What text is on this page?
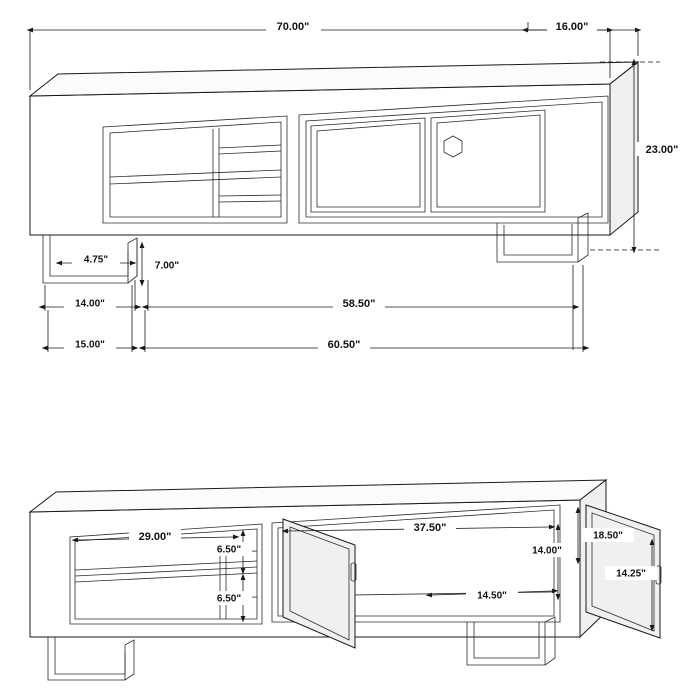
70.00"	16.00"
23.00"
4.75"
7.00"
14.00"	58.50"
15.00"	60.50"
29.00"
6.50"
6.50"
37.50"
14.00"
14.50"
18.50"
14.25"
